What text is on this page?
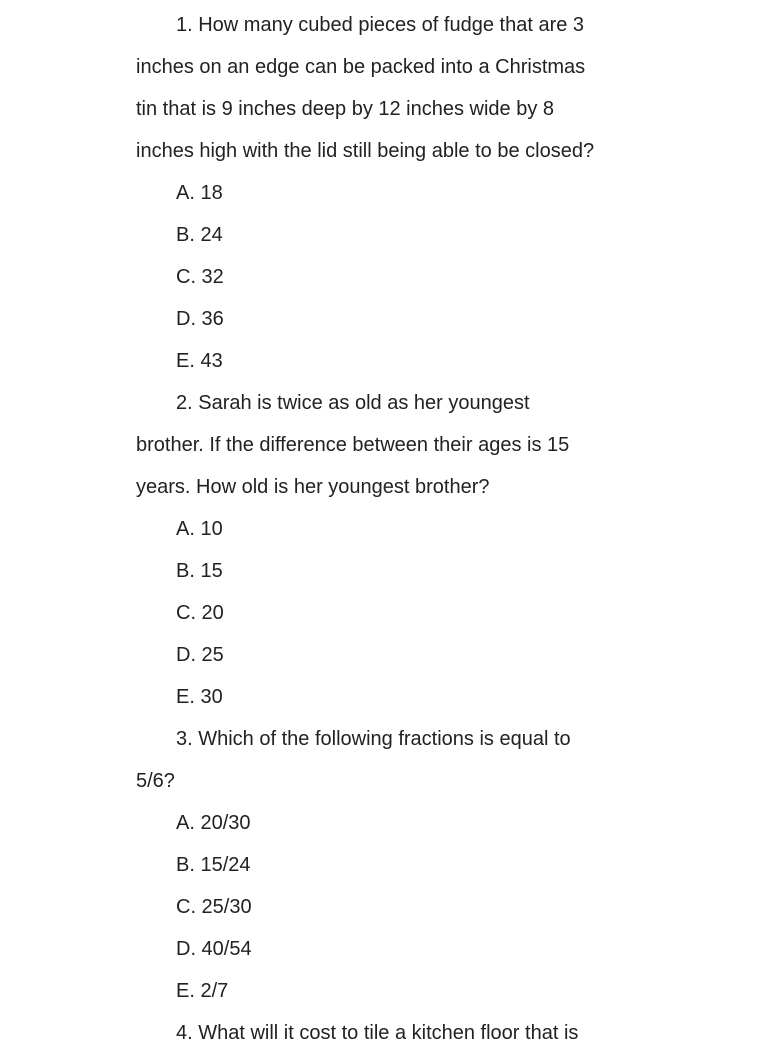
1. How many cubed pieces of fudge that are 3
inches on an edge can be packed into a Christmas
tin that is 9 inches deep by 12 inches wide by 8
inches high with the lid still being able to be closed?
A. 18
B. 24
C. 32
D. 36
E. 43
2. Sarah is twice as old as her youngest
brother. If the difference between their ages is 15
years. How old is her youngest brother?
A. 10
B. 15
C. 20
D. 25
E. 30
3. Which of the following fractions is equal to
5/6?
A. 20/30
B. 15/24
C. 25/30
D. 40/54
E. 2/7
4. What will it cost to tile a kitchen floor that is
